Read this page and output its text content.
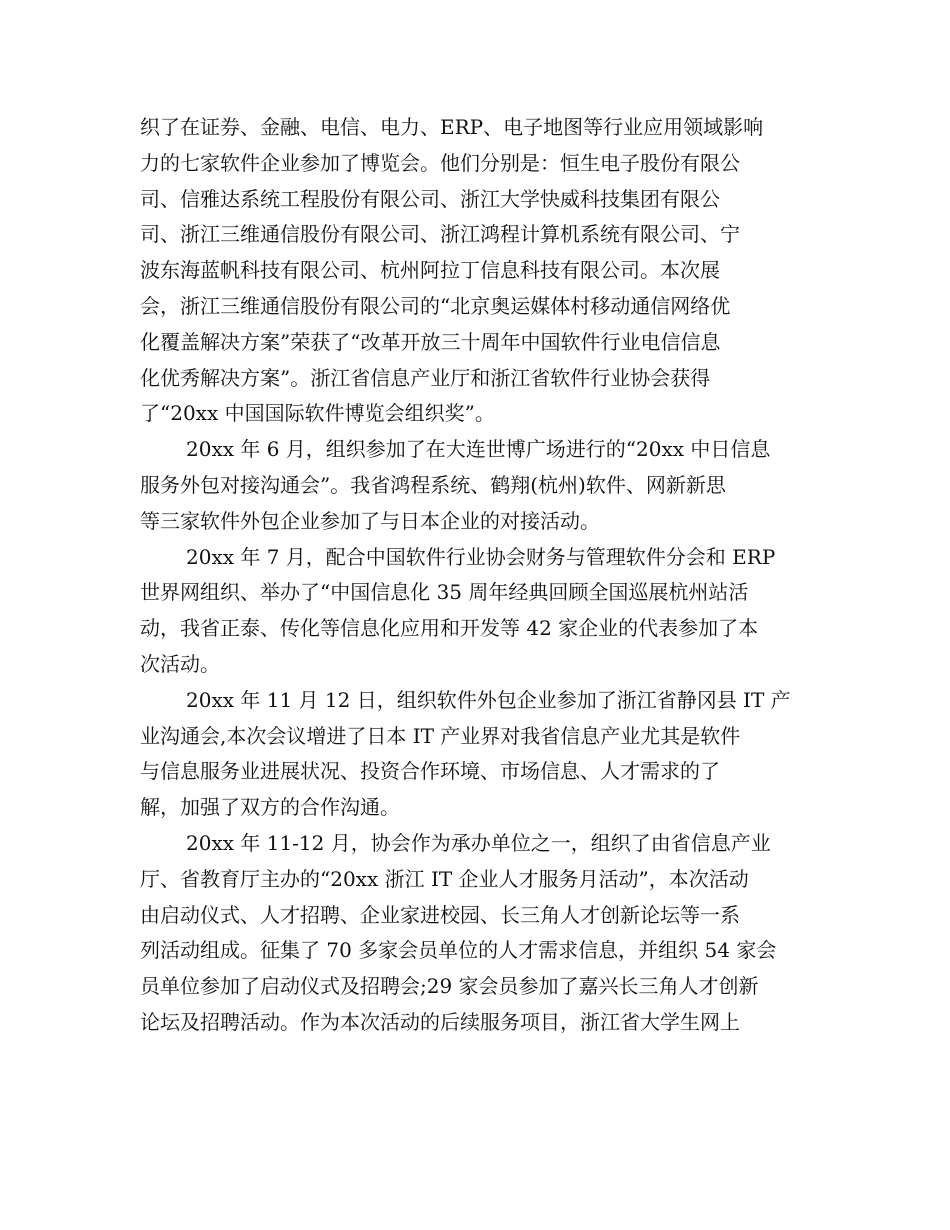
织了在证券、金融、电信、电力、ERP、电子地图等行业应用领域影响
力的七家软件企业参加了博览会。他们分别是：恒生电子股份有限公
司、信雅达系统工程股份有限公司、浙江大学快威科技集团有限公
司、浙江三维通信股份有限公司、浙江鸿程计算机系统有限公司、宁
波东海蓝帆科技有限公司、杭州阿拉丁信息科技有限公司。本次展
会，浙江三维通信股份有限公司的“北京奥运媒体村移动通信网络优
化覆盖解决方案”荣获了“改革开放三十周年中国软件行业电信信息
化优秀解决方案”。浙江省信息产业厅和浙江省软件行业协会获得
了“20xx 中国国际软件博览会组织奖”。
20xx 年 6 月，组织参加了在大连世博广场进行的“20xx 中日信息
服务外包对接沟通会”。我省鸿程系统、鹤翔(杭州)软件、网新新思
等三家软件外包企业参加了与日本企业的对接活动。
20xx 年 7 月，配合中国软件行业协会财务与管理软件分会和 ERP
世界网组织、举办了“中国信息化 35 周年经典回顾全国巡展杭州站活
动，我省正泰、传化等信息化应用和开发等 42 家企业的代表参加了本
次活动。
20xx 年 11 月 12 日，组织软件外包企业参加了浙江省静冈县 IT 产
业沟通会,本次会议增进了日本 IT 产业界对我省信息产业尤其是软件
与信息服务业进展状况、投资合作环境、市场信息、人才需求的了
解，加强了双方的合作沟通。
20xx 年 11-12 月，协会作为承办单位之一，组织了由省信息产业
厅、省教育厅主办的“20xx 浙江 IT 企业人才服务月活动”，本次活动
由启动仪式、人才招聘、企业家进校园、长三角人才创新论坛等一系
列活动组成。征集了 70 多家会员单位的人才需求信息，并组织 54 家会
员单位参加了启动仪式及招聘会;29 家会员参加了嘉兴长三角人才创新
论坛及招聘活动。作为本次活动的后续服务项目，浙江省大学生网上
